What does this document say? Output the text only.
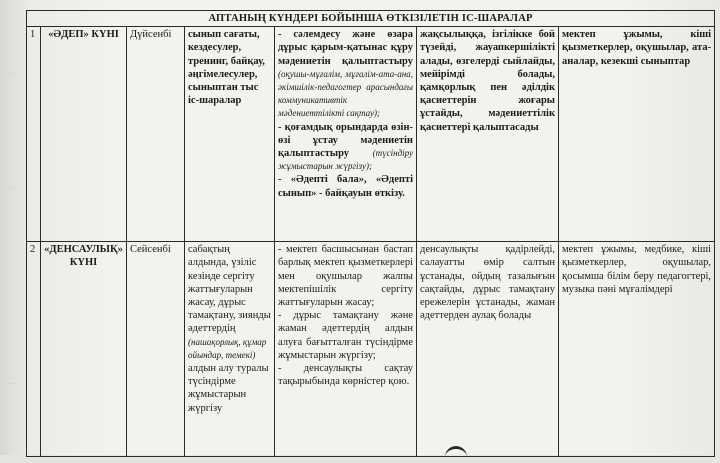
· · ·
· · ·
· · ·
АПТАНЫҢ КҮНДЕРІ БОЙЫНША ӨТКІЗІЛЕТІН ІС-ШАРАЛАР						
1	«ӘДЕП» КҮНІ	Дүйсенбі	сынып сағаты, кездесулер, тренинг, байқау, әңгімелесулер, сыныптан тыс іс-шаралар	- сәлемдесу және өзара дұрыс қарым-қатынас құру мәдениетін қалыптастыру (оқушы-мұғалім, мұғалім-ата-ана, әкімшілік-педагогтер арасындағы коммуникативтік мәдениеттілікті сақтау);
- қоғамдық орындарда өзін-өзі ұстау мәдениетін қалыптастыру (түсіндіру жұмыстарын жүргізу);
- «Әдепті бала», «Әдепті сынып» - байқауын өткізу.	жақсылыққа, ізгілікке бой түзейді, жауапкершілікті алады, өзгелерді сыйлайды, мейірімді болады, қамқорлық пен әділдік қасиеттерін жоғары ұстайды, мәдениеттілік қасиеттері қалыптасады	мектеп ұжымы, кіші қызметкерлер, оқушылар, ата-аналар, кезекші сыныптар
2	«ДЕНСАУЛЫҚ» КҮНІ	Сейсенбі	сабақтың алдында, үзіліс кезінде сергіту жаттығуларын жасау, дұрыс тамақтану, зиянды әдеттердің (нашақорлық, құмар ойындар, темекі) алдын алу туралы түсіндірме жұмыстарын жүргізу	- мектеп басшысынан бастап барлық мектеп қызметкерлері мен оқушылар жалпы мектепішілік сергіту жаттығуларын жасау;
- дұрыс тамақтану және жаман әдеттердің алдын алуға бағытталған түсіндірме жұмыстарын жүргізу;
- денсаулықты сақтау тақырыбында көрністер қою.	денсаулықты қадірлейді, салауатты өмір салтын ұстанады, ойдың тазалығын сақтайды, дұрыс тамақтану ережелерін ұстанады, жаман әдеттерден аулақ болады	мектеп ұжымы, медбике, кіші қызметкерлер, оқушылар, қосымша білім беру педагогтері, музыка пәні мұғалімдері
